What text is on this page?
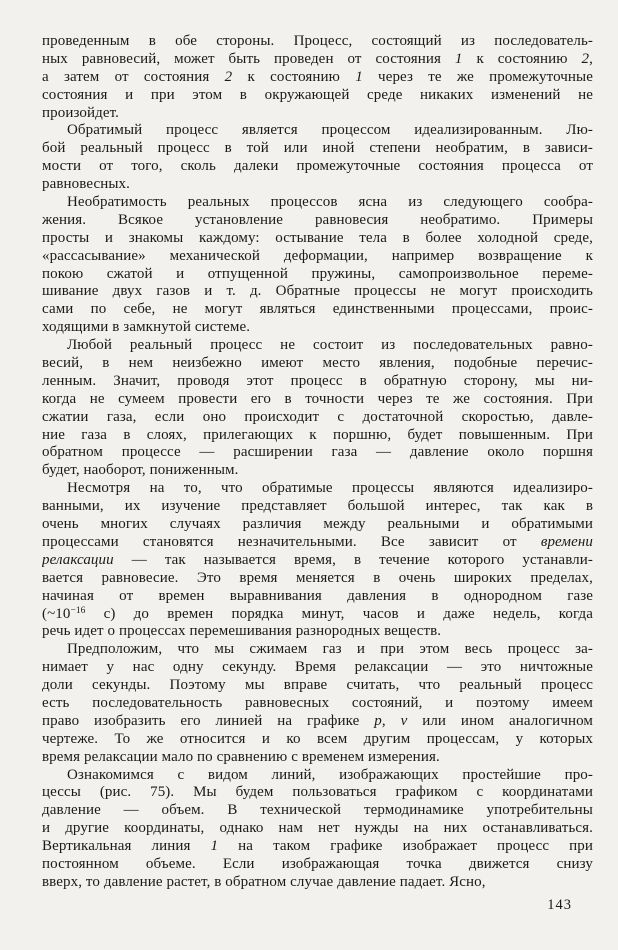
проведенным в обе стороны. Процесс, состоящий из последователь-
ных равновесий, может быть проведен от состояния 1 к состоянию 2,
а затем от состояния 2 к состоянию 1 через те же промежуточные
состояния и при этом в окружающей среде никаких изменений не
произойдет.
Обратимый процесс является процессом идеализированным. Лю-
бой реальный процесс в той или иной степени необратим, в зависи-
мости от того, сколь далеки промежуточные состояния процесса от
равновесных.
Необратимость реальных процессов ясна из следующего сообра-
жения. Всякое установление равновесия необратимо. Примеры
просты и знакомы каждому: остывание тела в более холодной среде,
«рассасывание» механической деформации, например возвращение к
покою сжатой и отпущенной пружины, самопроизвольное переме-
шивание двух газов и т. д. Обратные процессы не могут происходить
сами по себе, не могут являться единственными процессами, проис-
ходящими в замкнутой системе.
Любой реальный процесс не состоит из последовательных равно-
весий, в нем неизбежно имеют место явления, подобные перечис-
ленным. Значит, проводя этот процесс в обратную сторону, мы ни-
когда не сумеем провести его в точности через те же состояния. При
сжатии газа, если оно происходит с достаточной скоростью, давле-
ние газа в слоях, прилегающих к поршню, будет повышенным. При
обратном процессе — расширении газа — давление около поршня
будет, наоборот, пониженным.
Несмотря на то, что обратимые процессы являются идеализиро-
ванными, их изучение представляет большой интерес, так как в
очень многих случаях различия между реальными и обратимыми
процессами становятся незначительными. Все зависит от времени
релаксации — так называется время, в течение которого устанавли-
вается равновесие. Это время меняется в очень широких пределах,
начиная от времен выравнивания давления в однородном газе
($\sim 10^{-16}$ с) до времен порядка минут, часов и даже недель, когда
речь идет о процессах перемешивания разнородных веществ.
Предположим, что мы сжимаем газ и при этом весь процесс за-
нимает у нас одну секунду. Время релаксации — это ничтожные
доли секунды. Поэтому мы вправе считать, что реальный процесс
есть последовательность равновесных состояний, и поэтому имеем
право изобразить его линией на графике p, v или ином аналогичном
чертеже. То же относится и ко всем другим процессам, у которых
время релаксации мало по сравнению с временем измерения.
Ознакомимся с видом линий, изображающих простейшие про-
цессы (рис. 75). Мы будем пользоваться графиком с координатами
давление — объем. В технической термодинамике употребительны
и другие координаты, однако нам нет нужды на них останавливаться.
Вертикальная линия 1 на таком графике изображает процесс при
постоянном объеме. Если изображающая точка движется снизу
вверх, то давление растет, в обратном случае давление падает. Ясно,
143
